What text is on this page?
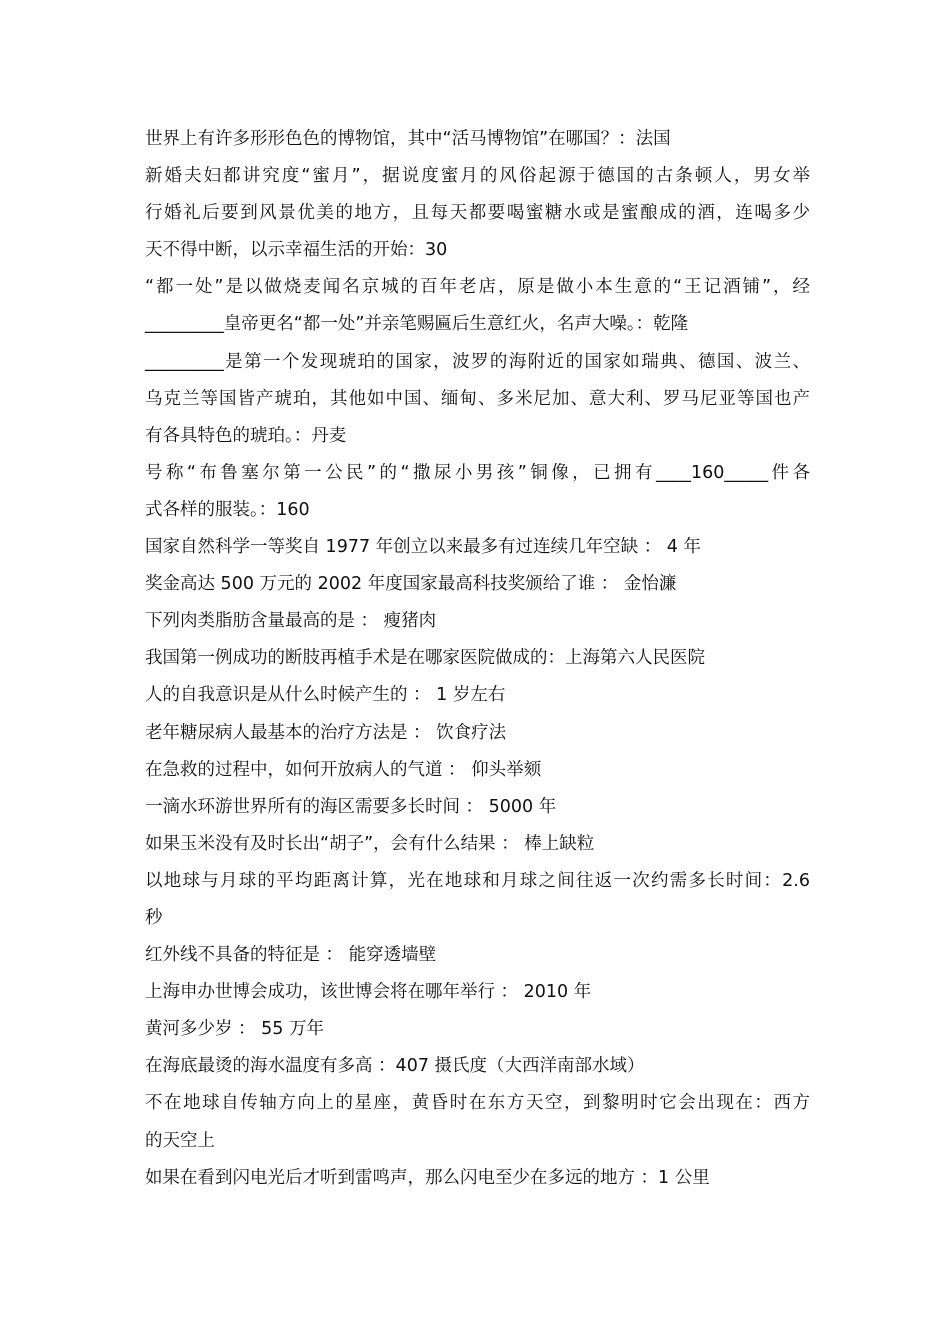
世界上有许多形形色色的博物馆，其中“活马博物馆”在哪国？：法国

新婚夫妇都讲究度“蜜月”，据说度蜜月的风俗起源于德国的古条顿人，男女举

行婚礼后要到风景优美的地方，且每天都要喝蜜糖水或是蜜酿成的酒，连喝多少

天不得中断，以示幸福生活的开始：30

“都一处”是以做烧麦闻名京城的百年老店，原是做小本生意的“王记酒铺”，经

_________皇帝更名“都一处”并亲笔赐匾后生意红火，名声大噪。：乾隆

_________是第一个发现琥珀的国家，波罗的海附近的国家如瑞典、德国、波兰、

乌克兰等国皆产琥珀，其他如中国、缅甸、多米尼加、意大利、罗马尼亚等国也产

有各具特色的琥珀。：丹麦

号称“布鲁塞尔第一公民”的“撒尿小男孩”铜像，已拥有____160_____件各

式各样的服装。：160

国家自然科学一等奖自 1977 年创立以来最多有过连续几年空缺 ： 4 年

奖金高达 500 万元的 2002 年度国家最高科技奖颁给了谁 ： 金怡濂

下列肉类脂肪含量最高的是 ： 瘦猪肉

我国第一例成功的断肢再植手术是在哪家医院做成的：上海第六人民医院

人的自我意识是从什么时候产生的 ： 1 岁左右

老年糖尿病人最基本的治疗方法是 ： 饮食疗法

在急救的过程中，如何开放病人的气道 ： 仰头举颏

一滴水环游世界所有的海区需要多长时间 ： 5000 年

如果玉米没有及时长出“胡子”，会有什么结果 ： 棒上缺粒

以地球与月球的平均距离计算，光在地球和月球之间往返一次约需多长时间：2.6

秒

红外线不具备的特征是 ： 能穿透墙壁

上海申办世博会成功，该世博会将在哪年举行 ： 2010 年

黄河多少岁 ： 55 万年

在海底最烫的海水温度有多高 ：407 摄氏度（大西洋南部水域）

不在地球自传轴方向上的星座，黄昏时在东方天空，到黎明时它会出现在：西方

的天空上

如果在看到闪电光后才听到雷鸣声，那么闪电至少在多远的地方 ：1 公里
